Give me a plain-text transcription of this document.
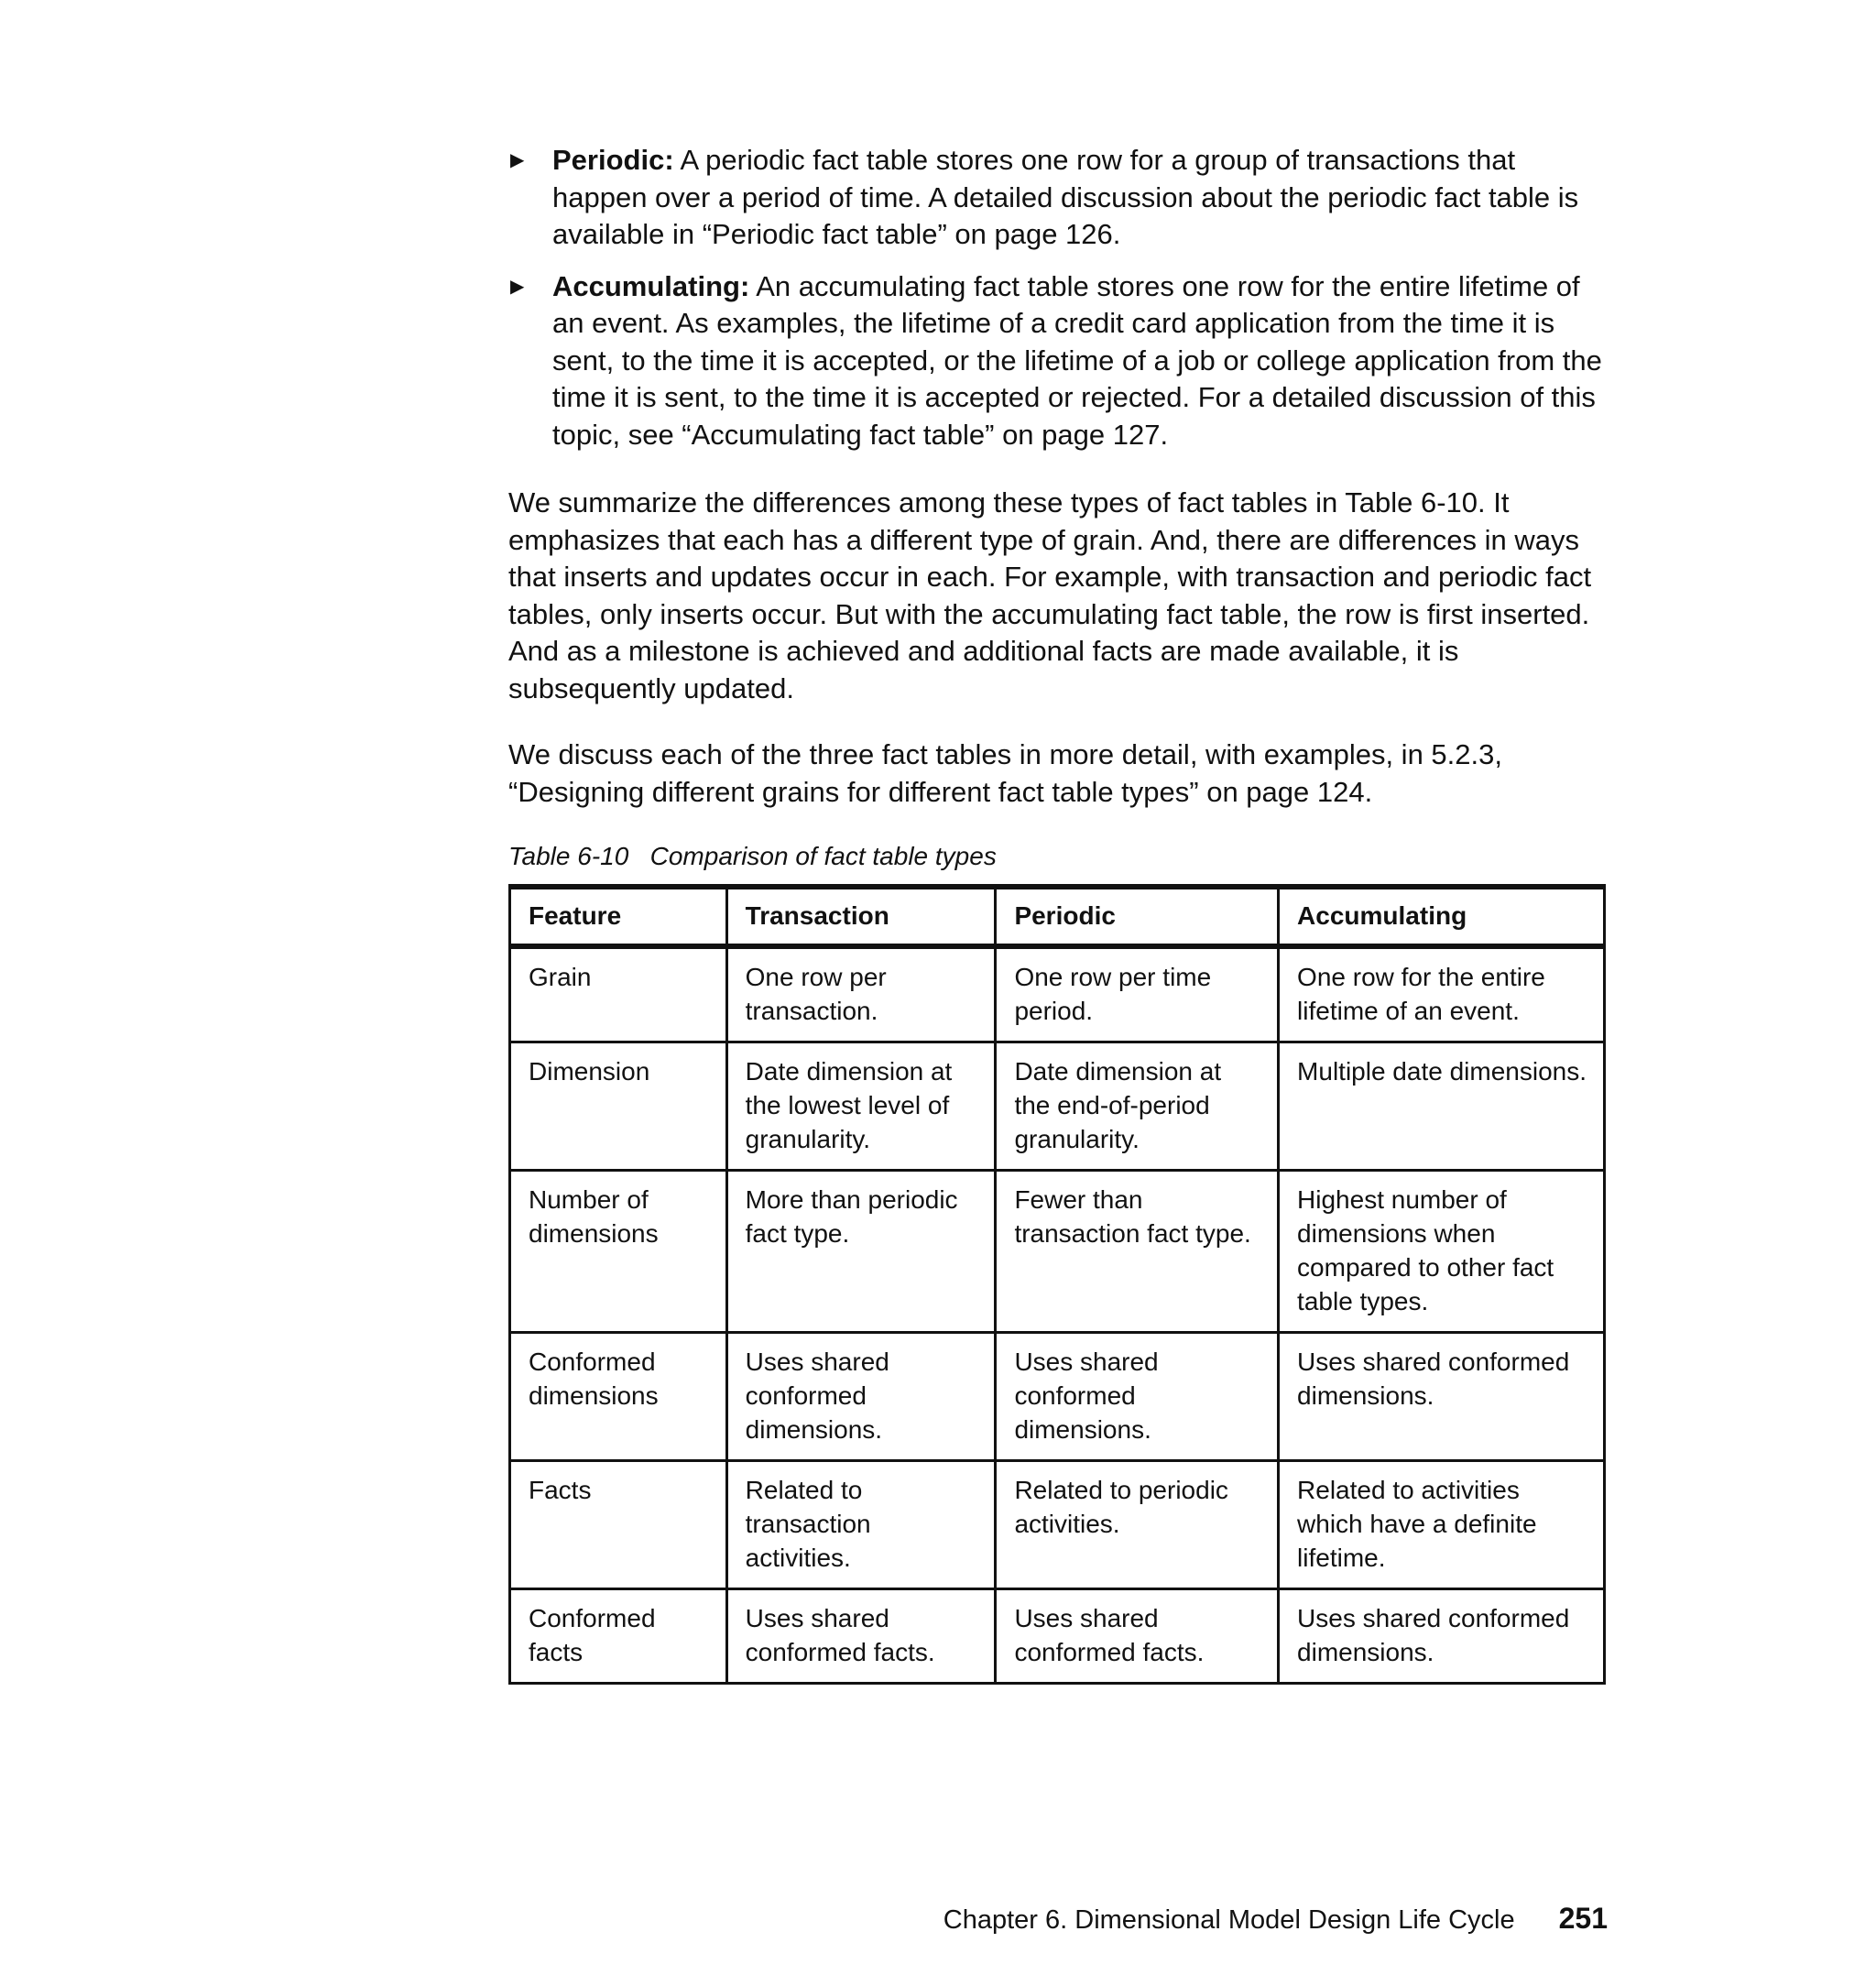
▶ Periodic: A periodic fact table stores one row for a group of transactions that happen over a period of time. A detailed discussion about the periodic fact table is available in “Periodic fact table” on page 126.
▶ Accumulating: An accumulating fact table stores one row for the entire lifetime of an event. As examples, the lifetime of a credit card application from the time it is sent, to the time it is accepted, or the lifetime of a job or college application from the time it is sent, to the time it is accepted or rejected. For a detailed discussion of this topic, see “Accumulating fact table” on page 127.

We summarize the differences among these types of fact tables in Table 6-10. It emphasizes that each has a different type of grain. And, there are differences in ways that inserts and updates occur in each. For example, with transaction and periodic fact tables, only inserts occur. But with the accumulating fact table, the row is first inserted. And as a milestone is achieved and additional facts are made available, it is subsequently updated.

We discuss each of the three fact tables in more detail, with examples, in 5.2.3, “Designing different grains for different fact table types” on page 124.

Table 6-10   Comparison of fact table types
Feature	Transaction	Periodic	Accumulating
Grain	One row per transaction.	One row per time period.	One row for the entire lifetime of an event.
Dimension	Date dimension at the lowest level of granularity.	Date dimension at the end-of-period granularity.	Multiple date dimensions.
Number of dimensions	More than periodic fact type.	Fewer than transaction fact type.	Highest number of dimensions when compared to other fact table types.
Conformed dimensions	Uses shared conformed dimensions.	Uses shared conformed dimensions.	Uses shared conformed dimensions.
Facts	Related to transaction activities.	Related to periodic activities.	Related to activities which have a definite lifetime.
Conformed facts	Uses shared conformed facts.	Uses shared conformed facts.	Uses shared conformed dimensions.
Chapter 6. Dimensional Model Design Life Cycle 251
